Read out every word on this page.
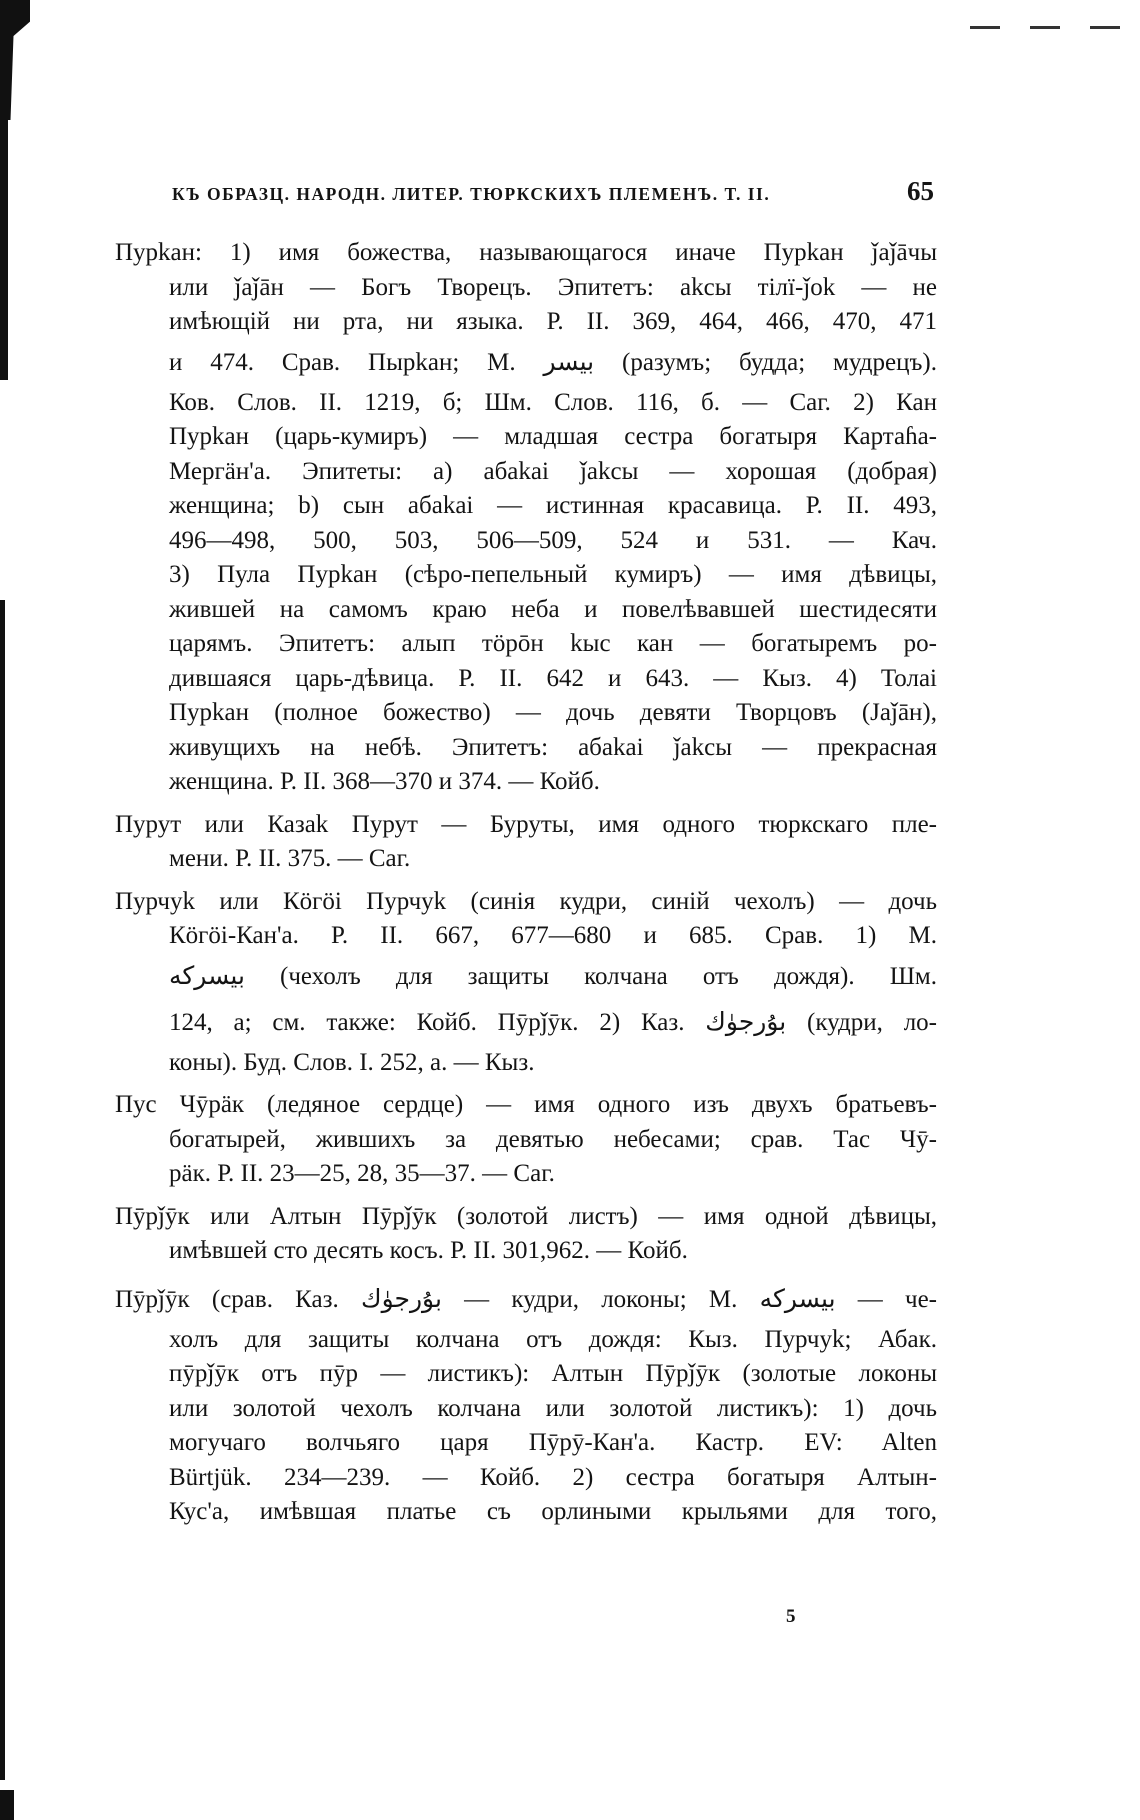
КЪ ОБРАЗЦ. НАРОДН. ЛИТЕР. ТЮРКСКИХЪ ПЛЕМЕНЪ. Т. II.	65
Пурkан: 1) имя божества, называющагося иначе Пурkан ǰаǰāчы
или ǰаǰāн — Богъ Творецъ. Эпитетъ: аkсы тiлï-ǰоk — не
имѣющій ни рта, ни языка. Р. II. 369, 464, 466, 470, 471
и 474. Срав. Пырkан; М. ﺑﻴﺴﺮ (разумъ; будда; мудрецъ).
Ков. Слов. II. 1219, б; Шм. Слов. 116, б. — Саг. 2) Кан
Пурkан (царь-кумиръ) — младшая сестра богатыря Картаɦа-
Мергäн'а. Эпитеты: а) абаkаі ǰаkсы — хорошая (добрая)
женщина; b) сын абаkаі — истинная красавица. Р. II. 493,
496—498, 500, 503, 506—509, 524 и 531. — Кач.
3) Пула Пурkан (сѣро-пепельный кумиръ) — имя дѣвицы,
жившей на самомъ краю неба и повелѣвавшей шестидесяти
царямъ. Эпитетъ: алып тöрōн kыс кан — богатыремъ ро-
дившаяся царь-дѣвица. Р. II. 642 и 643. — Кыз. 4) Толаі
Пурkан (полное божество) — дочь девяти Творцовъ (Јаǰāн),
живущихъ на небѣ. Эпитетъ: абаkаі ǰаkсы — прекрасная
женщина. Р. II. 368—370 и 374. — Койб.
Пурут или Казаk Пурут — Буруты, имя одного тюркскаго пле-
мени. Р. II. 375. — Саг.
Пурчуk или Кöгöі Пурчуk (синія кудри, синій чехолъ) — дочь
Кöгöі-Кан'а. Р. II. 667, 677—680 и 685. Срав. 1) М.
ﺑﻴﺴﺮﻛﻪ (чехолъ для защиты колчана отъ дождя). Шм.
124, а; см. также: Койб. Пӯрǰӯк. 2) Каз. ﺑﯘﺭﺟﯜﻙ (кудри, ло-
коны). Буд. Слов. I. 252, а. — Кыз.
Пус Чӯрäк (ледяное сердце) — имя одного изъ двухъ братьевъ-
богатырей, жившихъ за девятью небесами; срав. Тас Чӯ-
рäк. Р. II. 23—25, 28, 35—37. — Саг.
Пӯрǰӯк или Алтын Пӯрǰӯк (золотой листъ) — имя одной дѣвицы,
имѣвшей сто десять косъ. Р. II. 301,962. — Койб.
Пӯрǰӯк (срав. Каз. ﺑﯘﺭﺟﯜﻙ — кудри, локоны; М. ﺑﻴﺴﺮﻛﻪ — че-
холъ для защиты колчана отъ дождя: Кыз. Пурчуk; Абак.
пӯрǰӯк отъ пӯр — листикъ): Алтын Пӯрǰӯк (золотые локоны
или золотой чехолъ колчана или золотой листикъ): 1) дочь
могучаго волчьяго царя Пӯрӯ-Кан'а. Кастр. EV: Alten
Bürtjük. 234—239. — Койб. 2) сестра богатыря Алтын-
Кус'а, имѣвшая платье съ орлиными крыльями для того,
5
